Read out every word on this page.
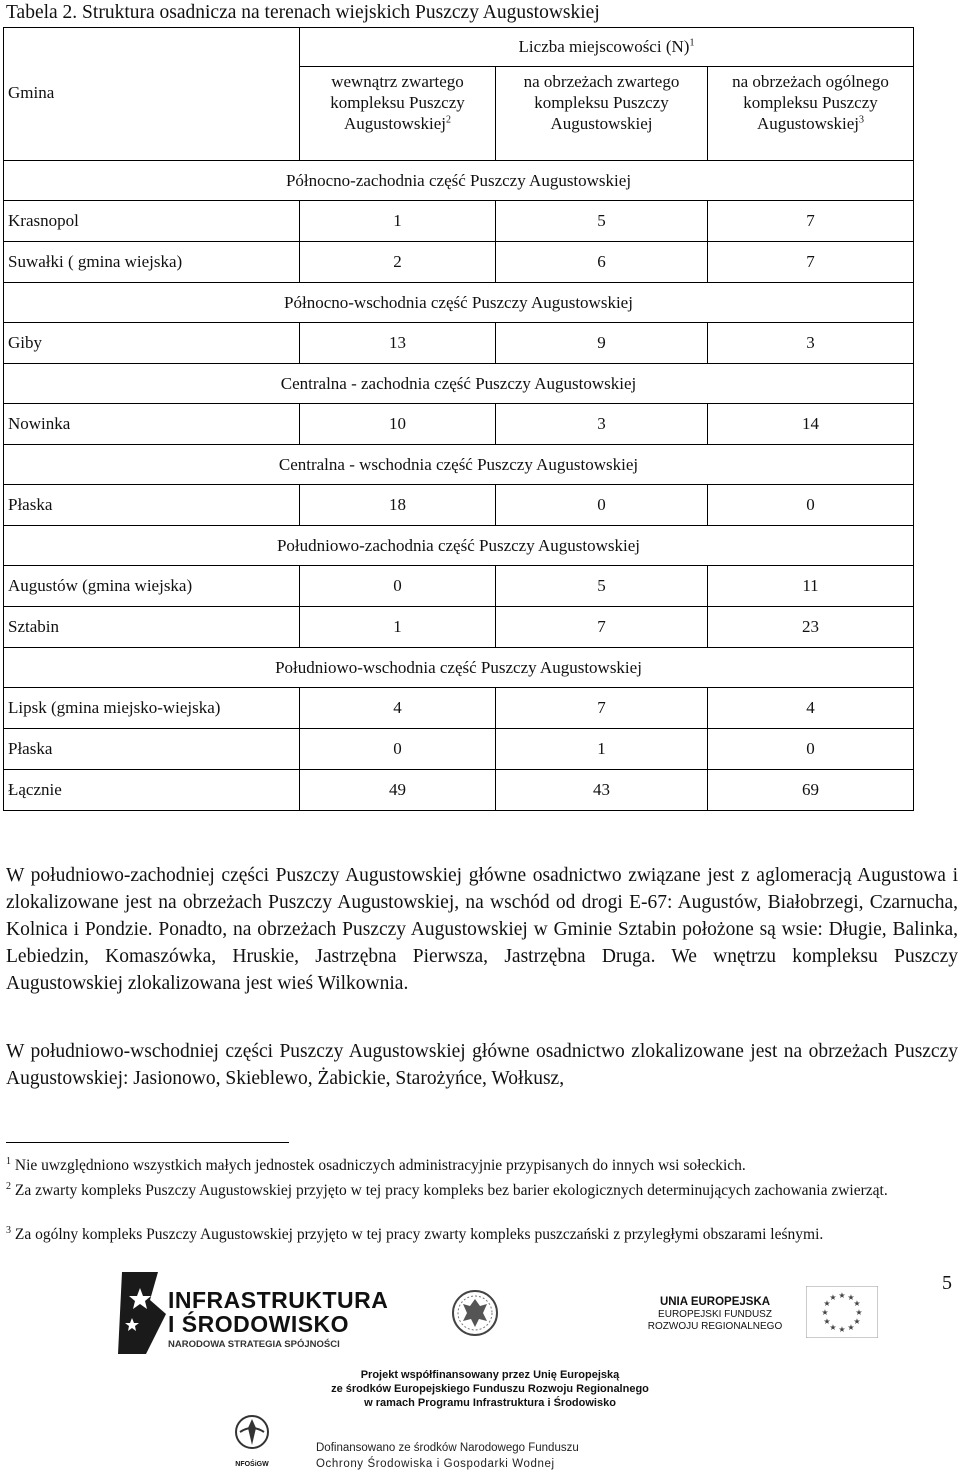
Tabela 2. Struktura osadnicza na terenach wiejskich Puszczy Augustowskiej
Gmina	Liczba miejscowości $(N)^1$
	wewnątrz zwartego kompleksu Puszczy Augustowskiej$^2$	na obrzeżach zwartego kompleksu Puszczy Augustowskiej	na obrzeżach ogólnego kompleksu Puszczy Augustowskiej$^3$
Północno-zachodnia część Puszczy Augustowskiej			
Krasnopol	1	5	7
Suwałki ( gmina wiejska)	2	6	7
Północno-wschodnia część Puszczy Augustowskiej			
Giby	13	9	3
Centralna - zachodnia część Puszczy Augustowskiej			
Nowinka	10	3	14
Centralna - wschodnia część Puszczy Augustowskiej			
Płaska	18	0	0
Południowo-zachodnia część Puszczy Augustowskiej			
Augustów (gmina wiejska)	0	5	11
Sztabin	1	7	23
Południowo-wschodnia część Puszczy Augustowskiej			
Lipsk (gmina miejsko-wiejska)	4	7	4
Płaska	0	1	0
Łącznie	49	43	69
W południowo-zachodniej części Puszczy Augustowskiej główne osadnictwo związane jest z aglomeracją Augustowa i zlokalizowane jest na obrzeżach Puszczy Augustowskiej, na wschód od drogi E-67: Augustów, Białobrzegi, Czarnucha, Kolnica i Pondzie. Ponadto, na obrzeżach Puszczy Augustowskiej w Gminie Sztabin położone są wsie: Długie, Balinka, Lebiedzin, Komaszówka, Hruskie, Jastrzębna Pierwsza, Jastrzębna Druga. We wnętrzu kompleksu Puszczy Augustowskiej zlokalizowana jest wieś Wilkownia.
W południowo-wschodniej części Puszczy Augustowskiej główne osadnictwo zlokalizowane jest na obrzeżach Puszczy Augustowskiej: Jasionowo, Skieblewo, Żabickie, Starożyńce, Wołkusz,
$^1$ Nie uwzględniono wszystkich małych jednostek osadniczych administracyjnie przypisanych do innych wsi sołeckich.
$^2$ Za zwarty kompleks Puszczy Augustowskiej przyjęto w tej pracy kompleks bez barier ekologicznych determinujących zachowania zwierząt.
$^3$ Za ogólny kompleks Puszczy Augustowskiej przyjęto w tej pracy zwarty kompleks puszczański z przyległymi obszarami leśnymi.
5
INFRASTRUKTURA
I ŚRODOWISKO
NARODOWA STRATEGIA SPÓJNOŚCI
UNIA EUROPEJSKA
EUROPEJSKI FUNDUSZ
ROZWOJU REGIONALNEGO
★ ★
★
★
★
★
★
★
★
★
★
★
Projekt współfinansowany przez Unię Europejską
ze środków Europejskiego Funduszu Rozwoju Regionalnego
w ramach Programu Infrastruktura i Środowisko
NFOŚiGW
Dofinansowano ze środków Narodowego Funduszu
Ochrony Środowiska i Gospodarki Wodnej
